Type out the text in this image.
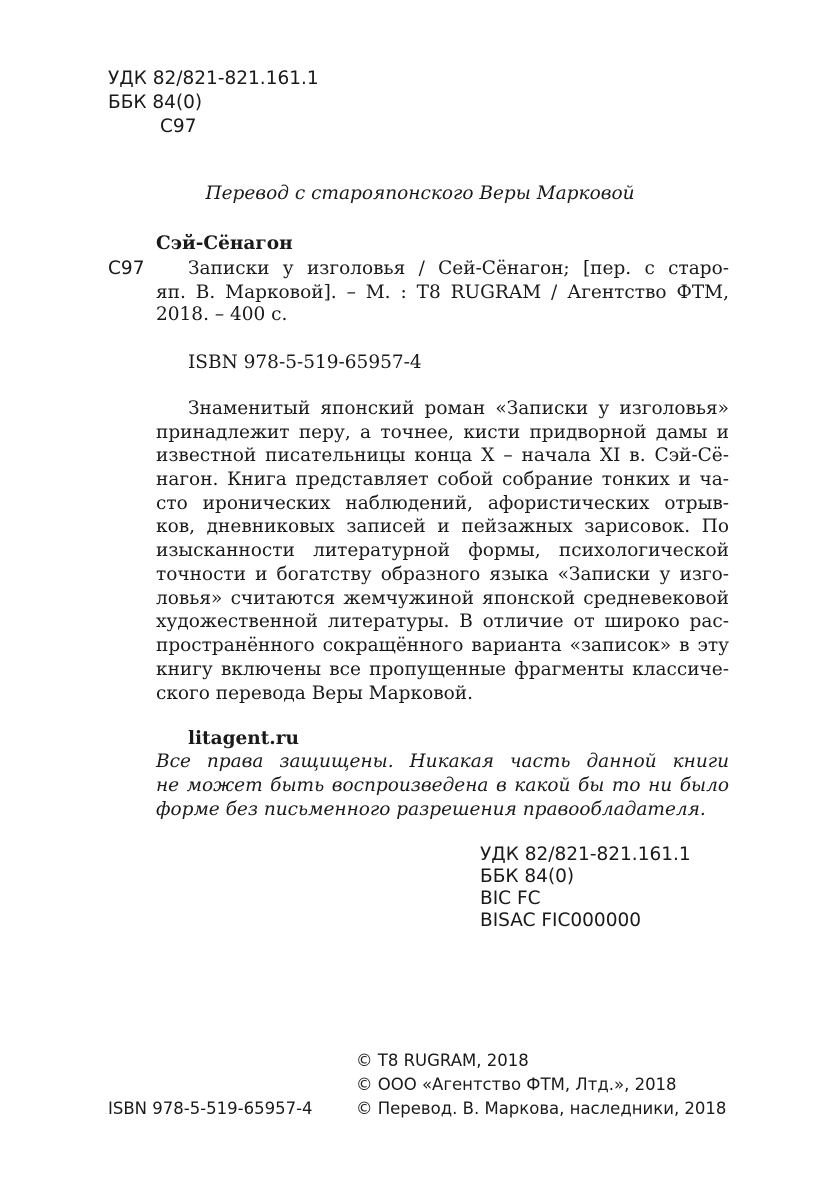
УДК 82/821-821.161.1
ББК 84(0)
С97
Перевод с старояпонского Веры Марковой
Сэй-Сёнагон
С97 Записки у изголовья / Сей-Сёнагон; [пер. с старо-
яп. В. Марковой]. – М. : Т8 RUGRAM / Агентство ФТМ,
2018. – 400 с.
ISBN 978-5-519-65957-4
Знаменитый японский роман «Записки у изголовья»
принадлежит перу, а точнее, кисти придворной дамы и
известной писательницы конца X – начала XI в. Сэй-Сё-
нагон. Книга представляет собой собрание тонких и ча-
сто иронических наблюдений, афористических отрыв-
ков, дневниковых записей и пейзажных зарисовок. По
изысканности литературной формы, психологической
точности и богатству образного языка «Записки у изго-
ловья» считаются жемчужиной японской средневековой
художественной литературы. В отличие от широко рас-
пространённого сокращённого варианта «записок» в эту
книгу включены все пропущенные фрагменты классиче-
ского перевода Веры Марковой.
litagent.ru
Все права защищены. Никакая часть данной книги
не может быть воспроизведена в какой бы то ни было
форме без письменного разрешения правообладателя.
УДК 82/821-821.161.1
ББК 84(0)
BIC FC
BISAC FIC000000
ISBN 978-5-519-65957-4
© Т8 RUGRAM, 2018
© ООО «Агентство ФТМ, Лтд.», 2018
© Перевод. В. Маркова, наследники, 2018
